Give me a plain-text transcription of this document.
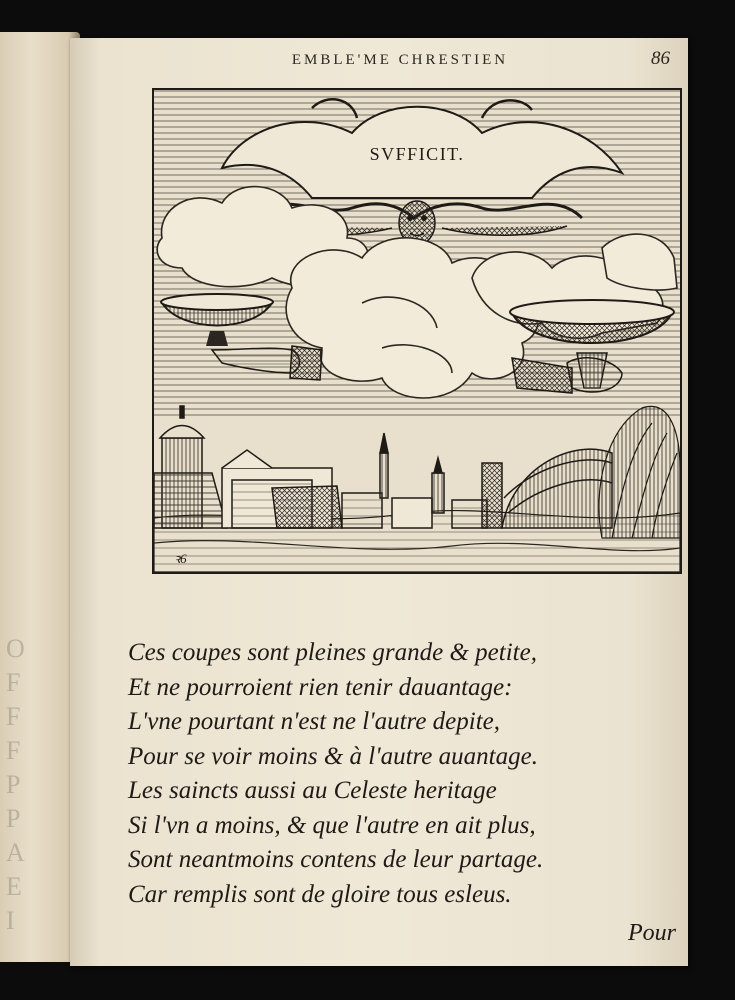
O
F
F
F
P
P
A
E
I
EMBLE'ME CHRESTIEN	86
SVFFICIT.
ꝛ6
Ces coupes sont pleines grande & petite,
Et ne pourroient rien tenir dauantage:
L'vne pourtant n'est ne l'autre depite,
Pour se voir moins & à l'autre auantage.
Les saincts aussi au Celeste heritage
Si l'vn a moins, & que l'autre en ait plus,
Sont neantmoins contens de leur partage.
Car remplis sont de gloire tous esleus.
Pour
